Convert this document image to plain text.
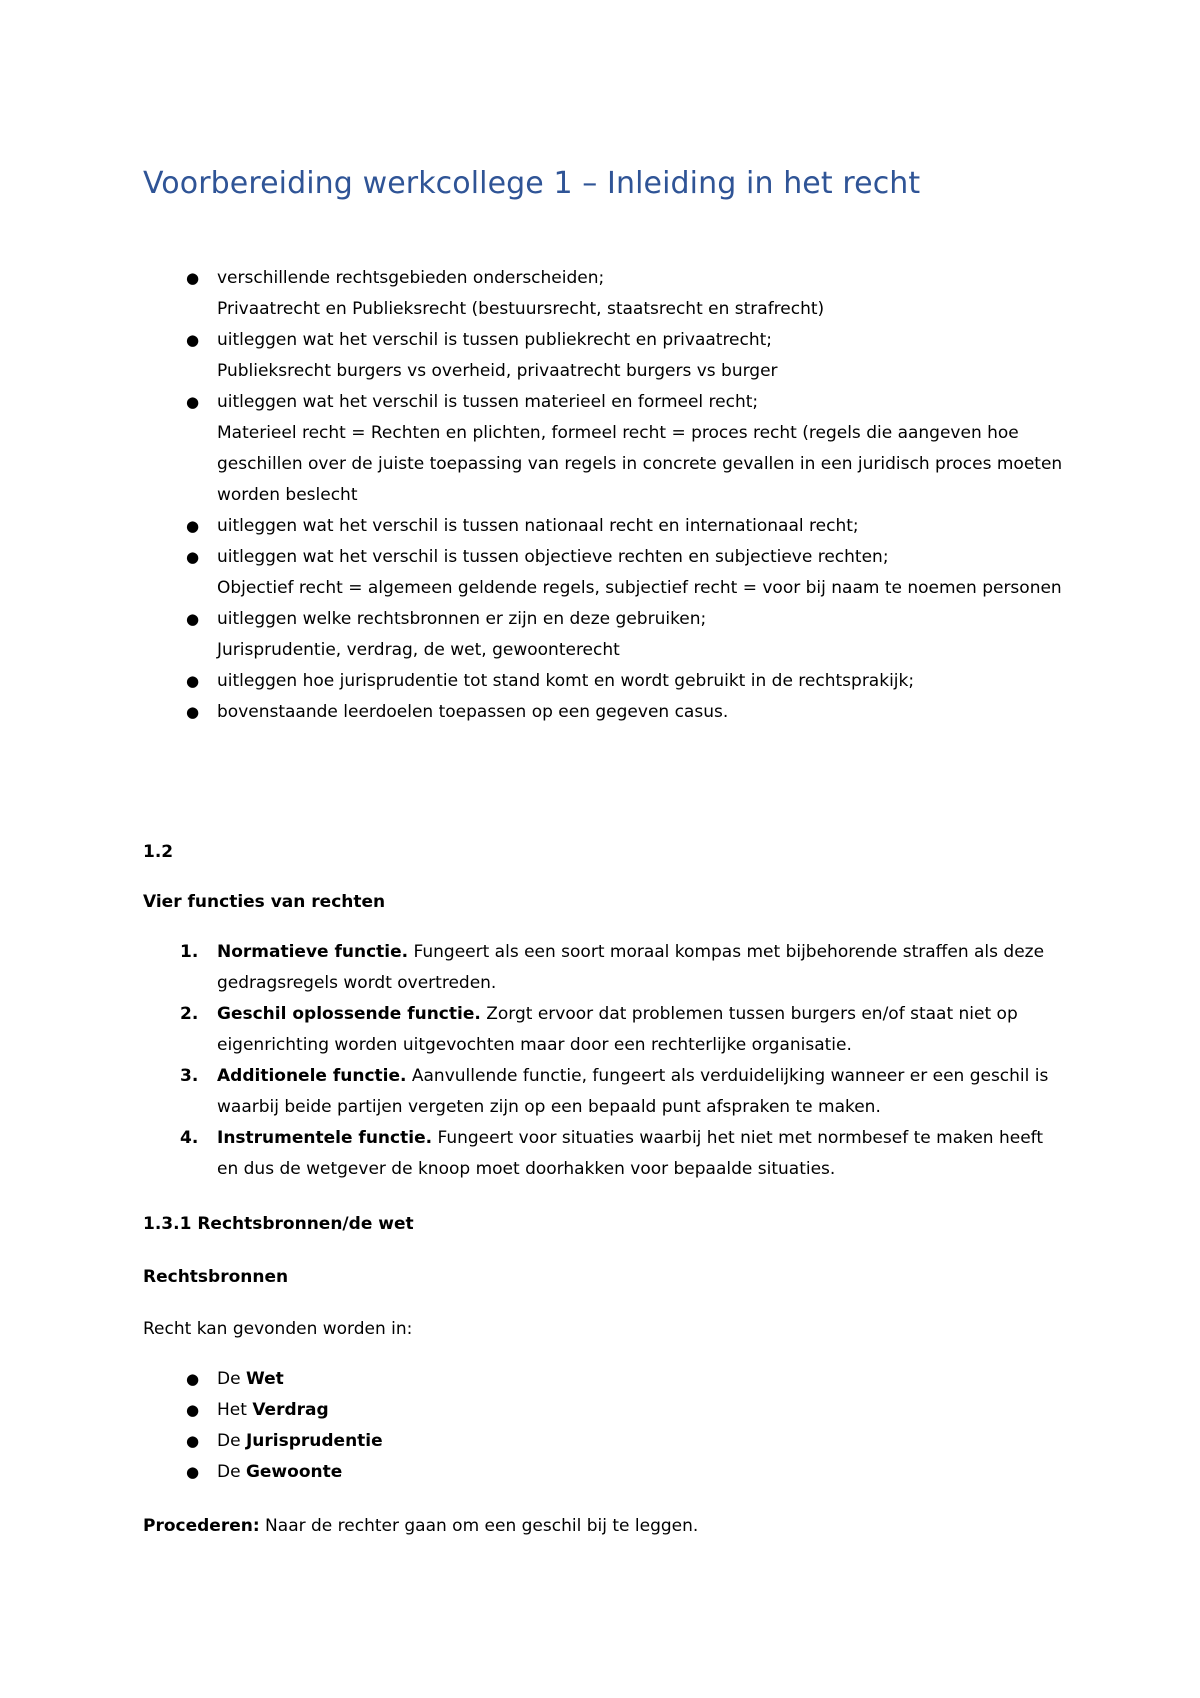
Voorbereiding werkcollege 1 – Inleiding in het recht
● verschillende rechtsgebieden onderscheiden;
Privaatrecht en Publieksrecht (bestuursrecht, staatsrecht en strafrecht)
● uitleggen wat het verschil is tussen publiekrecht en privaatrecht;
Publieksrecht burgers vs overheid, privaatrecht burgers vs burger
● uitleggen wat het verschil is tussen materieel en formeel recht;
Materieel recht = Rechten en plichten, formeel recht = proces recht (regels die aangeven hoe geschillen over de juiste toepassing van regels in concrete gevallen in een juridisch proces moeten worden beslecht
● uitleggen wat het verschil is tussen nationaal recht en internationaal recht;
● uitleggen wat het verschil is tussen objectieve rechten en subjectieve rechten;
Objectief recht = algemeen geldende regels, subjectief recht = voor bij naam te noemen personen
● uitleggen welke rechtsbronnen er zijn en deze gebruiken;
Jurisprudentie, verdrag, de wet, gewoonterecht
● uitleggen hoe jurisprudentie tot stand komt en wordt gebruikt in de rechtsprakijk;
● bovenstaande leerdoelen toepassen op een gegeven casus.

1.2

Vier functies van rechten

1. Normatieve functie. Fungeert als een soort moraal kompas met bijbehorende straffen als deze gedragsregels wordt overtreden.
2. Geschil oplossende functie. Zorgt ervoor dat problemen tussen burgers en/of staat niet op eigenrichting worden uitgevochten maar door een rechterlijke organisatie.
3. Additionele functie. Aanvullende functie, fungeert als verduidelijking wanneer er een geschil is waarbij beide partijen vergeten zijn op een bepaald punt afspraken te maken.
4. Instrumentele functie. Fungeert voor situaties waarbij het niet met normbesef te maken heeft en dus de wetgever de knoop moet doorhakken voor bepaalde situaties.

1.3.1 Rechtsbronnen/de wet

Rechtsbronnen

Recht kan gevonden worden in:

● De Wet
● Het Verdrag
● De Jurisprudentie
● De Gewoonte

Procederen: Naar de rechter gaan om een geschil bij te leggen.
